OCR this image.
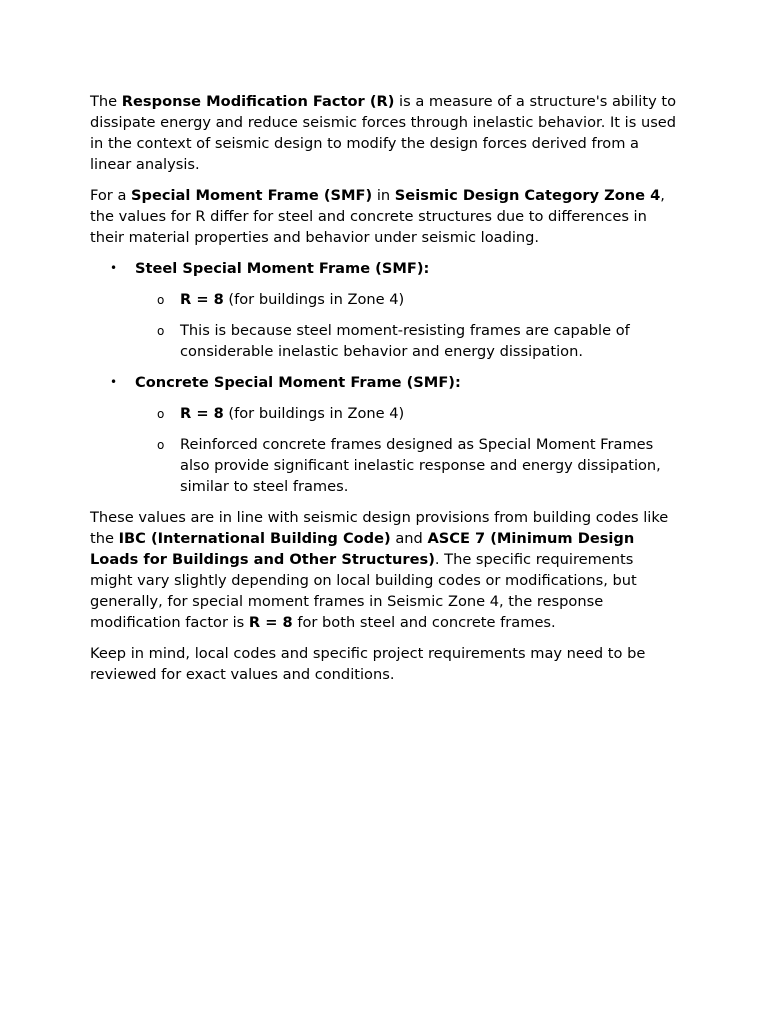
The Response Modification Factor (R) is a measure of a structure's ability to dissipate energy and reduce seismic forces through inelastic behavior. It is used in the context of seismic design to modify the design forces derived from a linear analysis.

For a Special Moment Frame (SMF) in Seismic Design Category Zone 4, the values for R differ for steel and concrete structures due to differences in their material properties and behavior under seismic loading.

• Steel Special Moment Frame (SMF):
o R = 8 (for buildings in Zone 4)
o This is because steel moment-resisting frames are capable of considerable inelastic behavior and energy dissipation.
• Concrete Special Moment Frame (SMF):
o R = 8 (for buildings in Zone 4)
o Reinforced concrete frames designed as Special Moment Frames also provide significant inelastic response and energy dissipation, similar to steel frames.

These values are in line with seismic design provisions from building codes like the IBC (International Building Code) and ASCE 7 (Minimum Design Loads for Buildings and Other Structures). The specific requirements might vary slightly depending on local building codes or modifications, but generally, for special moment frames in Seismic Zone 4, the response modification factor is R = 8 for both steel and concrete frames.

Keep in mind, local codes and specific project requirements may need to be reviewed for exact values and conditions.
